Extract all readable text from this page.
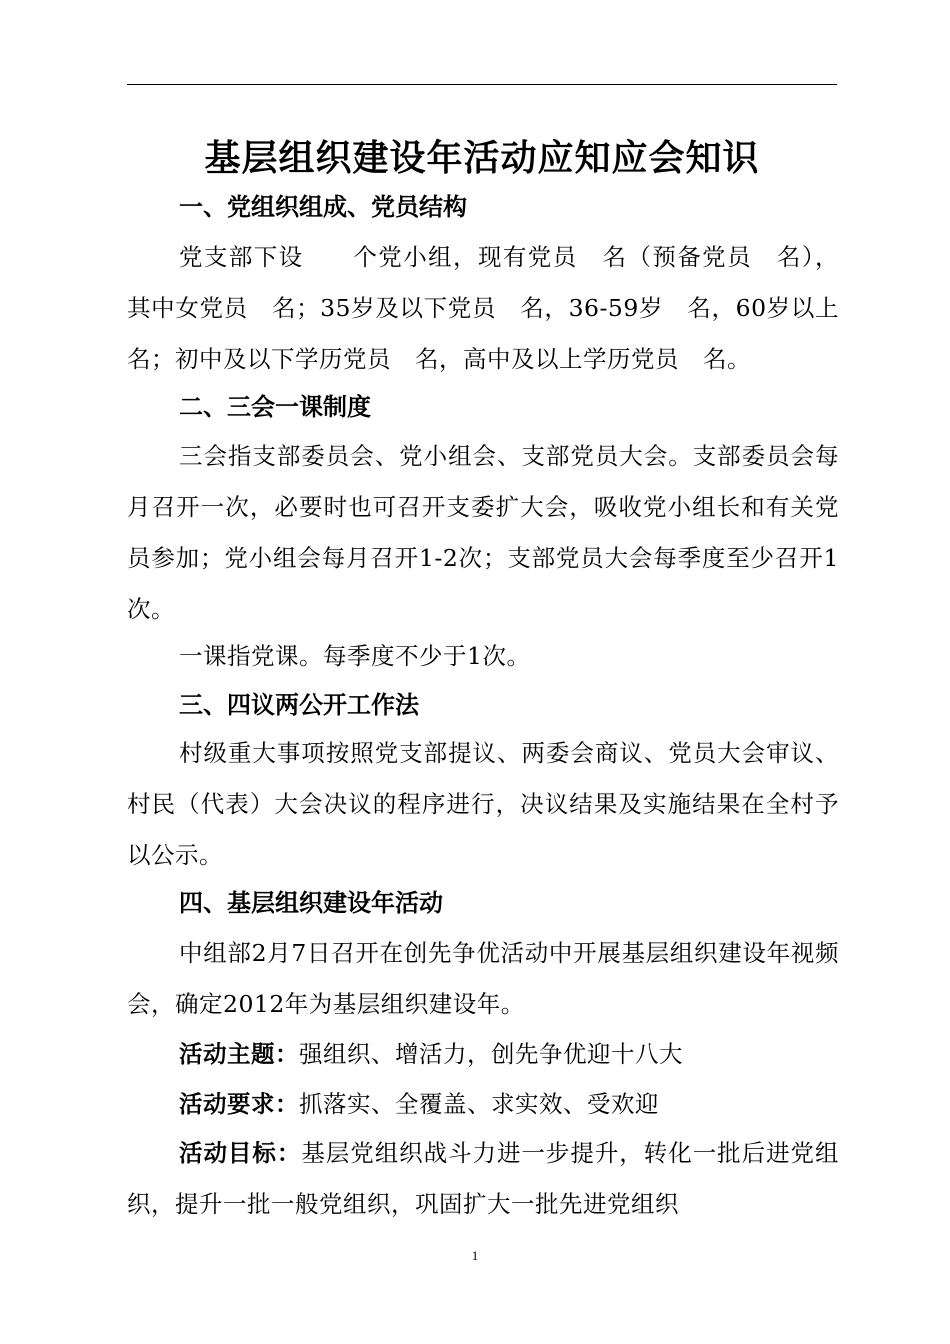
基层组织建设年活动应知应会知识
一、党组织组成、党员结构
党支部下设　　个党小组，现有党员　名（预备党员　名），其中女党员　名；35岁及以下党员　名，36-59岁　名，60岁以上　　名；初中及以下学历党员　名，高中及以上学历党员　名。
二、三会一课制度
三会指支部委员会、党小组会、支部党员大会。支部委员会每月召开一次，必要时也可召开支委扩大会，吸收党小组长和有关党员参加；党小组会每月召开1-2次；支部党员大会每季度至少召开1次。
一课指党课。每季度不少于1次。
三、四议两公开工作法
村级重大事项按照党支部提议、两委会商议、党员大会审议、村民（代表）大会决议的程序进行，决议结果及实施结果在全村予以公示。
四、基层组织建设年活动
中组部2月7日召开在创先争优活动中开展基层组织建设年视频会，确定2012年为基层组织建设年。
活动主题：强组织、增活力，创先争优迎十八大
活动要求：抓落实、全覆盖、求实效、受欢迎
活动目标：基层党组织战斗力进一步提升，转化一批后进党组织，提升一批一般党组织，巩固扩大一批先进党组织
1
